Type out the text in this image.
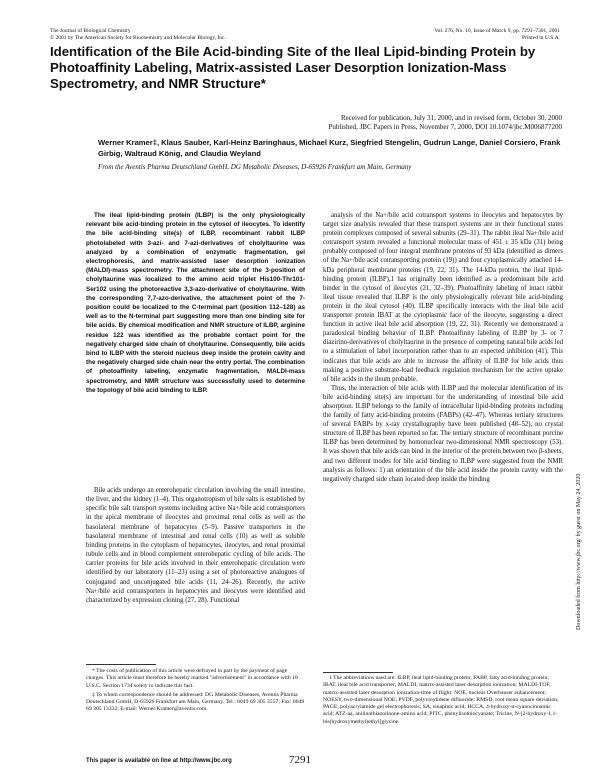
The Journal of Biological Chemistry
© 2001 by The American Society for Biochemistry and Molecular Biology, Inc.
Vol. 276, No. 10, Issue of March 9, pp. 7291–7301, 2001
Printed in U.S.A.
Identification of the Bile Acid-binding Site of the Ileal Lipid-binding Protein by Photoaffinity Labeling, Matrix-assisted Laser Desorption Ionization-Mass Spectrometry, and NMR Structure*
Received for publication, July 31, 2000, and in revised form, October 30, 2000
Published, JBC Papers in Press, November 7, 2000, DOI 10.1074/jbc.M006877200
Werner Kramer‡, Klaus Sauber, Karl-Heinz Baringhaus, Michael Kurz, Siegfried Stengelin, Gudrun Lange, Daniel Corsiero, Frank Girbig, Waltraud König, and Claudia Weyland
From the Aventis Pharma Deutschland GmbH, DG Metabolic Diseases, D-65926 Frankfurt am Main, Germany

The ileal lipid-binding protein (ILBP) is the only physiologically relevant bile acid-binding protein in the cytosol of ileocytes. To identify the bile acid-binding site(s) of ILBP, recombinant rabbit ILBP photolabeled with 3-azi- and 7-azi-derivatives of cholyltaurine was analyzed by a combination of enzymatic fragmentation, gel electrophoresis, and matrix-assisted laser desorption ionization (MALDI)-mass spectrometry. The attachment site of the 3-position of cholyltaurine was localized to the amino acid triplet His100-Thr101-Ser102 using the photoreactive 3,3-azo-derivative of cholyltaurine. With the corresponding 7,7-azo-derivative, the attachment point of the 7-position could be localized to the C-terminal part (position 112–128) as well as to the N-terminal part suggesting more than one binding site for bile acids. By chemical modification and NMR structure of ILBP, arginine residue 122 was identified as the probable contact point for the negatively charged side chain of cholyltaurine. Consequently, bile acids bind to ILBP with the steroid nucleus deep inside the protein cavity and the negatively charged side chain near the entry portal. The combination of photoaffinity labeling, enzymatic fragmentation, MALDI-mass spectrometry, and NMR structure was successfully used to determine the topology of bile acid binding to ILBP.

Bile acids undergo an enterohepatic circulation involving the small intestine, the liver, and the kidney (1–4). This organotropism of bile salts is established by specific bile salt transport systems including active Na+/bile acid cotransporters in the apical membrane of ileocytes and proximal renal cells as well as the basolateral membrane of hepatocytes (5–9). Passive transporters in the basolateral membrane of intestinal and renal cells (10) as well as soluble binding proteins in the cytoplasm of hepatocytes, ileocytes, and renal proximal tubule cells and in blood complement enterohepatic cycling of bile acids. The carrier proteins for bile acids involved in their enterohepatic circulation were identified by our laboratory (11–23) using a set of photoreactive analogues of conjugated and unconjugated bile acids (11, 24–26). Recently, the active Na+/bile acid cotransporters in hepatocytes and ileocytes were identified and characterized by expression cloning (27, 28). Functional

analysis of the Na+/bile acid cotransport systems in ileocytes and hepatocytes by target size analysis revealed that these transport systems are in their functional states protein complexes composed of several subunits (29–31). The rabbit ileal Na+/bile acid cotransport system revealed a functional molecular mass of 451 ± 35 kDa (31) being probably composed of four integral membrane proteins of 93 kDa (identified as dimers of the Na+/bile acid cotransporting protein (19)) and four cytoplasmically attached 14-kDa peripheral membrane proteins (19, 22, 31). The 14-kDa protein, the ileal lipid-binding protein (ILBP),1 has originally been identified as a predominant bile acid binder in the cytosol of ileocytes (21, 32–39). Photoaffinity labeling of intact rabbit ileal tissue revealed that ILBP is the only physiologically relevant bile acid-binding protein in the ileal cytosol (40). ILBP specifically interacts with the ileal bile acid transporter protein IBAT at the cytoplasmic face of the ileocyte, suggesting a direct function in active ileal bile acid absorption (19, 22, 31). Recently we demonstrated a paradoxical binding behavior of ILBP. Photoaffinity labeling of ILBP by 3- or 7 diazirino-derivatives of cholyltaurine in the presence of competing natural bile acids led to a stimulation of label incorporation rather than to an expected inhibition (41). This indicates that bile acids are able to increase the affinity of ILBP for bile acids thus making a positive substrate-load feedback regulation mechanism for the active uptake of bile acids in the ileum probable.

Thus, the interaction of bile acids with ILBP and the molecular identification of its bile acid-binding site(s) are important for the understanding of intestinal bile acid absorption. ILBP belongs to the family of intracellular lipid-binding proteins including the family of fatty acid-binding proteins (FABPs) (42–47). Whereas tertiary structures of several FABPs by x-ray crystallography have been published (48–52), no crystal structure of ILBP has been reported so far. The tertiary structure of recombinant porcine ILBP has been determined by homonuclear two-dimensional NMR spectroscopy (53). It was shown that bile acids can bind in the interior of the protein between two β-sheets, and two different modes for bile acid binding to ILBP were suggested from the NMR analysis as follows: 1) an orientation of the bile acid inside the protein cavity with the negatively charged side chain located deep inside the binding

* The costs of publication of this article were defrayed in part by the payment of page charges. This article must therefore be hereby marked "advertisement" in accordance with 18 U.S.C. Section 1734 solely to indicate this fact.

‡ To whom correspondence should be addressed: DG Metabolic Diseases, Aventis Pharma Deutschland GmbH, D-65926 Frankfurt am Main, Germany. Tel.: 0049 69 305 3557; Fax: 0049 69 305 13332; E-mail: Werner.Kramer@aventis.com.

1 The abbreviations used are: ILBP, ileal lipid-binding protein; FABP, fatty acid-binding protein; IBAT, ileal bile acid transporter; MALDI, matrix-assisted laser desorption ionization; MALDI-TOF, matrix-assisted laser desorption ionization-time of flight; NOE, nuclear Overhauser enhancement; NOESY, two-dimensional NOE; PVDF, polyvinylidene difluoride; RMSD, root mean square deviation; PAGE, polyacrylamide gel electrophoresis; SA, sinapinic acid; HCCA, 4-hydroxy-α-cyanocinnamic acid; ATZ-aa, anilinothiazolinone-amino acid; PITC, phenylisothiocyanate; Tricine, N-[2-hydroxy-1,1-bis(hydroxymethyl)ethyl]glycine.

This paper is available on line at http://www.jbc.org	7291
Downloaded from http://www.jbc.org/ by guest on May 24, 2020
